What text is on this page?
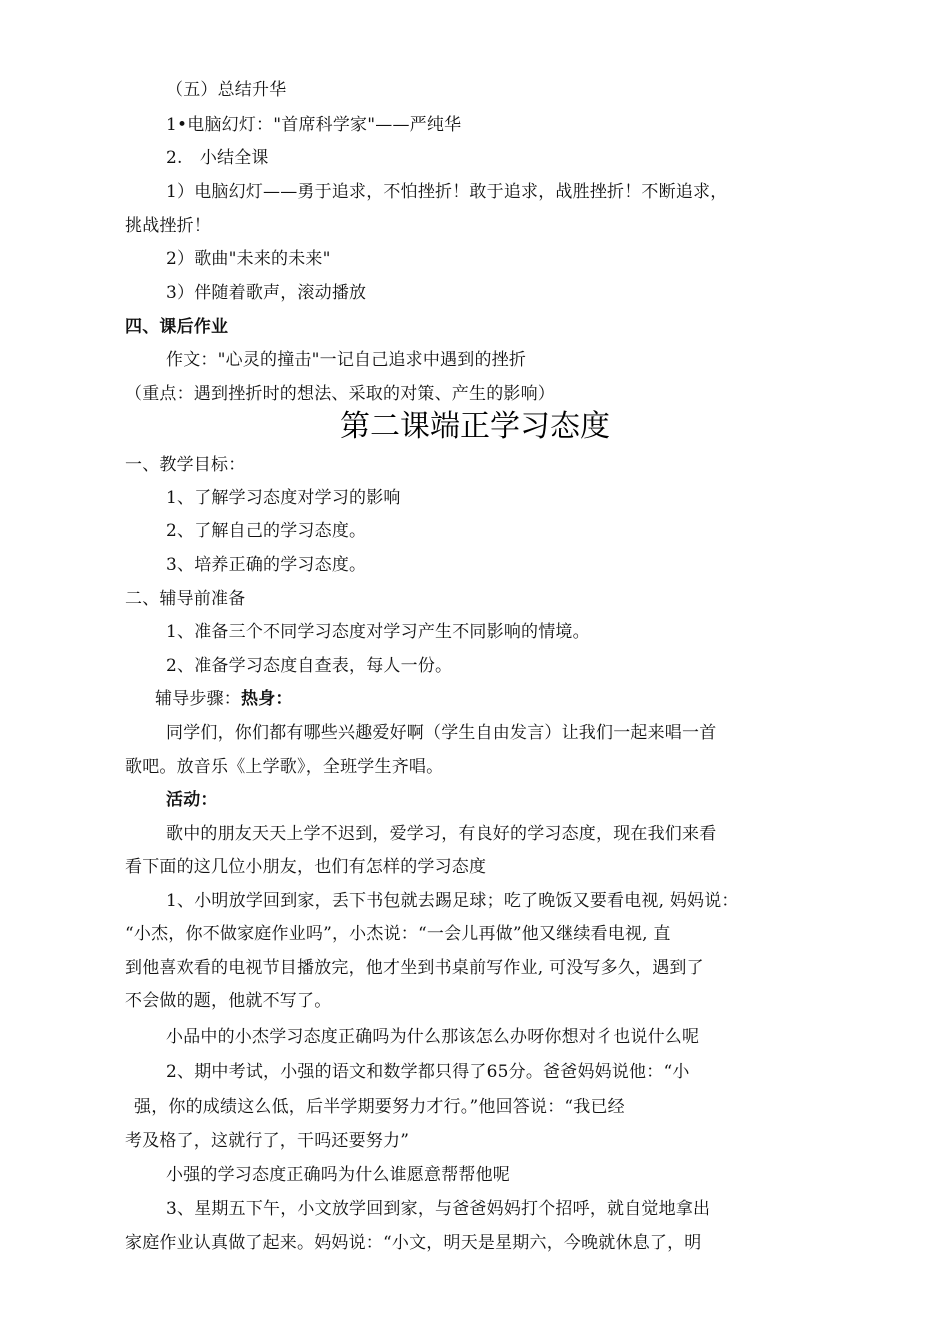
（五）总结升华
1•电脑幻灯："首席科学家"——严纯华
2.　小结全课
1）电脑幻灯——勇于追求，不怕挫折！敢于追求，战胜挫折！不断追求，
挑战挫折！
2）歌曲"未来的未来"
3）伴随着歌声，滚动播放
四、课后作业
作文："心灵的撞击"一记自己追求中遇到的挫折
（重点：遇到挫折时的想法、采取的对策、产生的影响）
第二课端正学习态度
一、教学目标：
1、了解学习态度对学习的影响
2、了解自己的学习态度。
3、培养正确的学习态度。
二、辅导前准备
1、准备三个不同学习态度对学习产生不同影响的情境。
2、准备学习态度自查表，每人一份。
辅导步骤：热身：
同学们，你们都有哪些兴趣爱好啊（学生自由发言）让我们一起来唱一首
歌吧。放音乐《上学歌》，全班学生齐唱。
活动：
歌中的朋友天天上学不迟到，爱学习，有良好的学习态度，现在我们来看
看下面的这几位小朋友，也们有怎样的学习态度
1、小明放学回到家，丢下书包就去踢足球；吃了晚饭又要看电视, 妈妈说：
“小杰，你不做家庭作业吗”，小杰说：“一会儿再做”他又继续看电视, 直
到他喜欢看的电视节目播放完，他才坐到书桌前写作业, 可没写多久，遇到了
不会做的题，他就不写了。
小品中的小杰学习态度正确吗为什么那该怎么办呀你想对彳也说什么呢
2、期中考试，小强的语文和数学都只得了65分。爸爸妈妈说他：“小
强，你的成绩这么低，后半学期要努力才行。”他回答说：“我已经
考及格了，这就行了，干吗还要努力”
小强的学习态度正确吗为什么谁愿意帮帮他呢
3、星期五下午，小文放学回到家，与爸爸妈妈打个招呼，就自觉地拿出
家庭作业认真做了起来。妈妈说：“小文，明天是星期六，今晚就休息了，明
